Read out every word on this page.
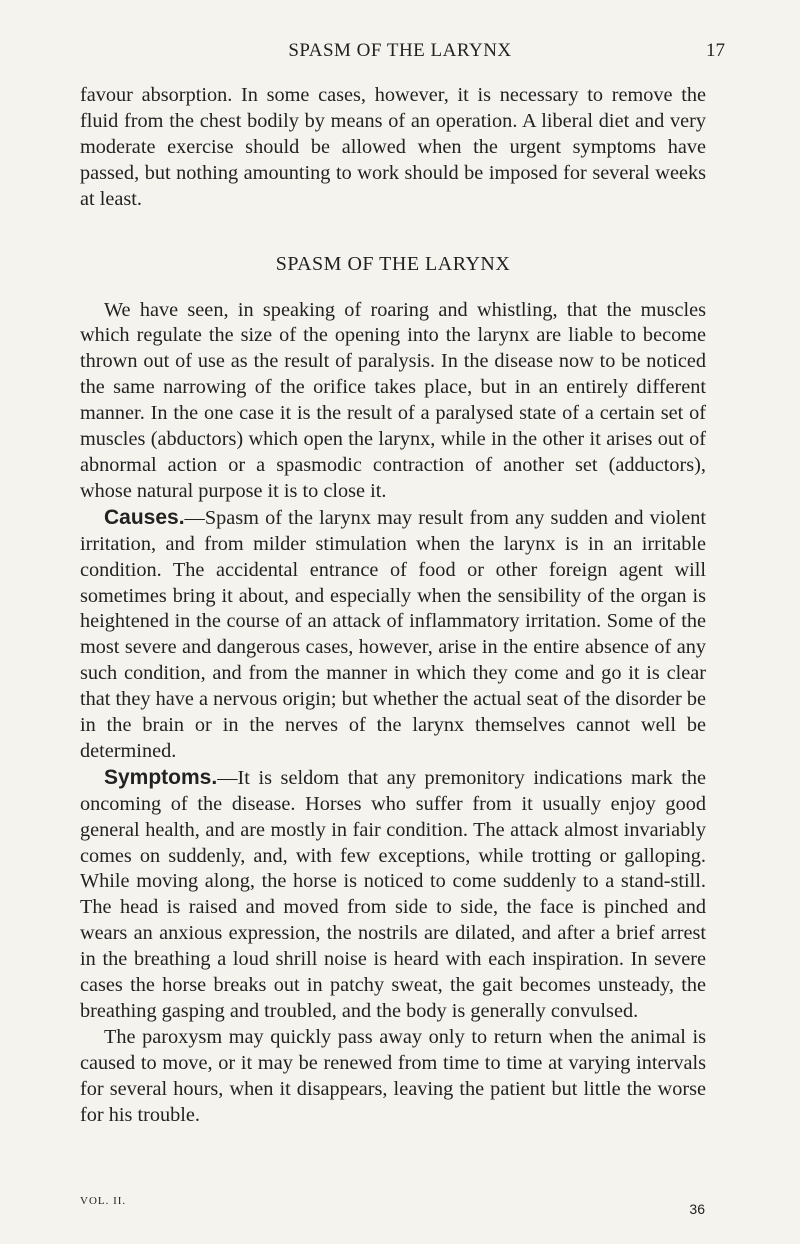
SPASM OF THE LARYNX	17

favour absorption. In some cases, however, it is necessary to remove the fluid from the chest bodily by means of an operation. A liberal diet and very moderate exercise should be allowed when the urgent symptoms have passed, but nothing amounting to work should be imposed for several weeks at least.

SPASM OF THE LARYNX

We have seen, in speaking of roaring and whistling, that the muscles which regulate the size of the opening into the larynx are liable to become thrown out of use as the result of paralysis. In the disease now to be noticed the same narrowing of the orifice takes place, but in an entirely different manner. In the one case it is the result of a paralysed state of a certain set of muscles (abductors) which open the larynx, while in the other it arises out of abnormal action or a spasmodic contraction of another set (adductors), whose natural purpose it is to close it.

Causes.—Spasm of the larynx may result from any sudden and violent irritation, and from milder stimulation when the larynx is in an irritable condition. The accidental entrance of food or other foreign agent will sometimes bring it about, and especially when the sensibility of the organ is heightened in the course of an attack of inflammatory irritation. Some of the most severe and dangerous cases, however, arise in the entire absence of any such condition, and from the manner in which they come and go it is clear that they have a nervous origin; but whether the actual seat of the disorder be in the brain or in the nerves of the larynx themselves cannot well be determined.

Symptoms.—It is seldom that any premonitory indications mark the oncoming of the disease. Horses who suffer from it usually enjoy good general health, and are mostly in fair condition. The attack almost invariably comes on suddenly, and, with few exceptions, while trotting or galloping. While moving along, the horse is noticed to come suddenly to a stand-still. The head is raised and moved from side to side, the face is pinched and wears an anxious expression, the nostrils are dilated, and after a brief arrest in the breathing a loud shrill noise is heard with each inspiration. In severe cases the horse breaks out in patchy sweat, the gait becomes unsteady, the breathing gasping and troubled, and the body is generally convulsed.

The paroxysm may quickly pass away only to return when the animal is caused to move, or it may be renewed from time to time at varying intervals for several hours, when it disappears, leaving the patient but little the worse for his trouble.

VOL. II.	36
